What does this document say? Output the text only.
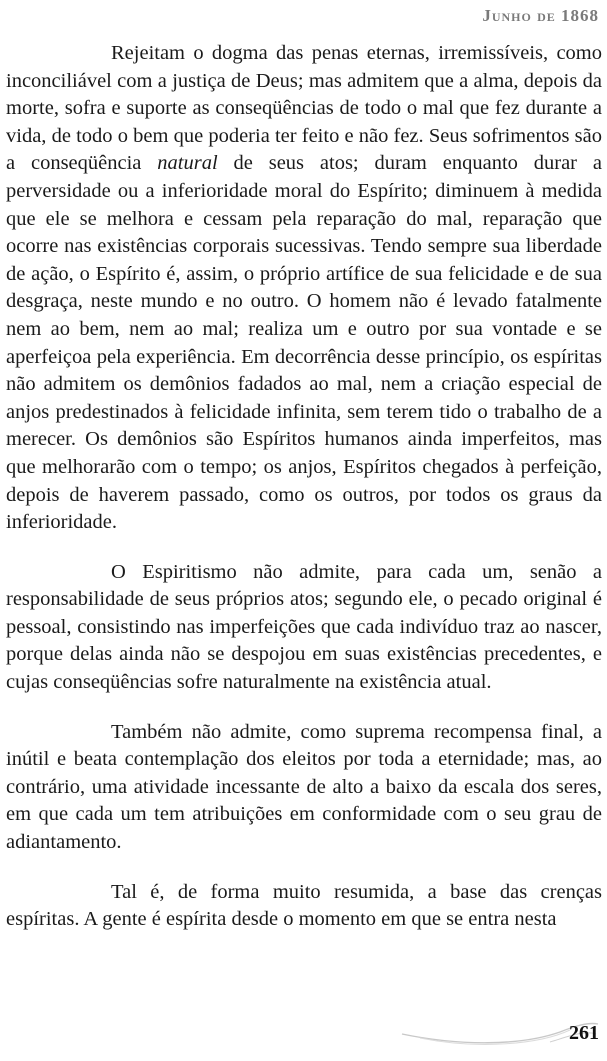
Junho de 1868

Rejeitam o dogma das penas eternas, irremissíveis, como inconciliável com a justiça de Deus; mas admitem que a alma, depois da morte, sofra e suporte as conseqüências de todo o mal que fez durante a vida, de todo o bem que poderia ter feito e não fez. Seus sofrimentos são a conseqüência natural de seus atos; duram enquanto durar a perversidade ou a inferioridade moral do Espírito; diminuem à medida que ele se melhora e cessam pela reparação do mal, reparação que ocorre nas existências corporais sucessivas. Tendo sempre sua liberdade de ação, o Espírito é, assim, o próprio artífice de sua felicidade e de sua desgraça, neste mundo e no outro. O homem não é levado fatalmente nem ao bem, nem ao mal; realiza um e outro por sua vontade e se aperfeiçoa pela experiência. Em decorrência desse princípio, os espíritas não admitem os demônios fadados ao mal, nem a criação especial de anjos predestinados à felicidade infinita, sem terem tido o trabalho de a merecer. Os demônios são Espíritos humanos ainda imperfeitos, mas que melhorarão com o tempo; os anjos, Espíritos chegados à perfeição, depois de haverem passado, como os outros, por todos os graus da inferioridade.

O Espiritismo não admite, para cada um, senão a responsabilidade de seus próprios atos; segundo ele, o pecado original é pessoal, consistindo nas imperfeições que cada indivíduo traz ao nascer, porque delas ainda não se despojou em suas existências precedentes, e cujas conseqüências sofre naturalmente na existência atual.

Também não admite, como suprema recompensa final, a inútil e beata contemplação dos eleitos por toda a eternidade; mas, ao contrário, uma atividade incessante de alto a baixo da escala dos seres, em que cada um tem atribuições em conformidade com o seu grau de adiantamento.

Tal é, de forma muito resumida, a base das crenças espíritas. A gente é espírita desde o momento em que se entra nesta

261
